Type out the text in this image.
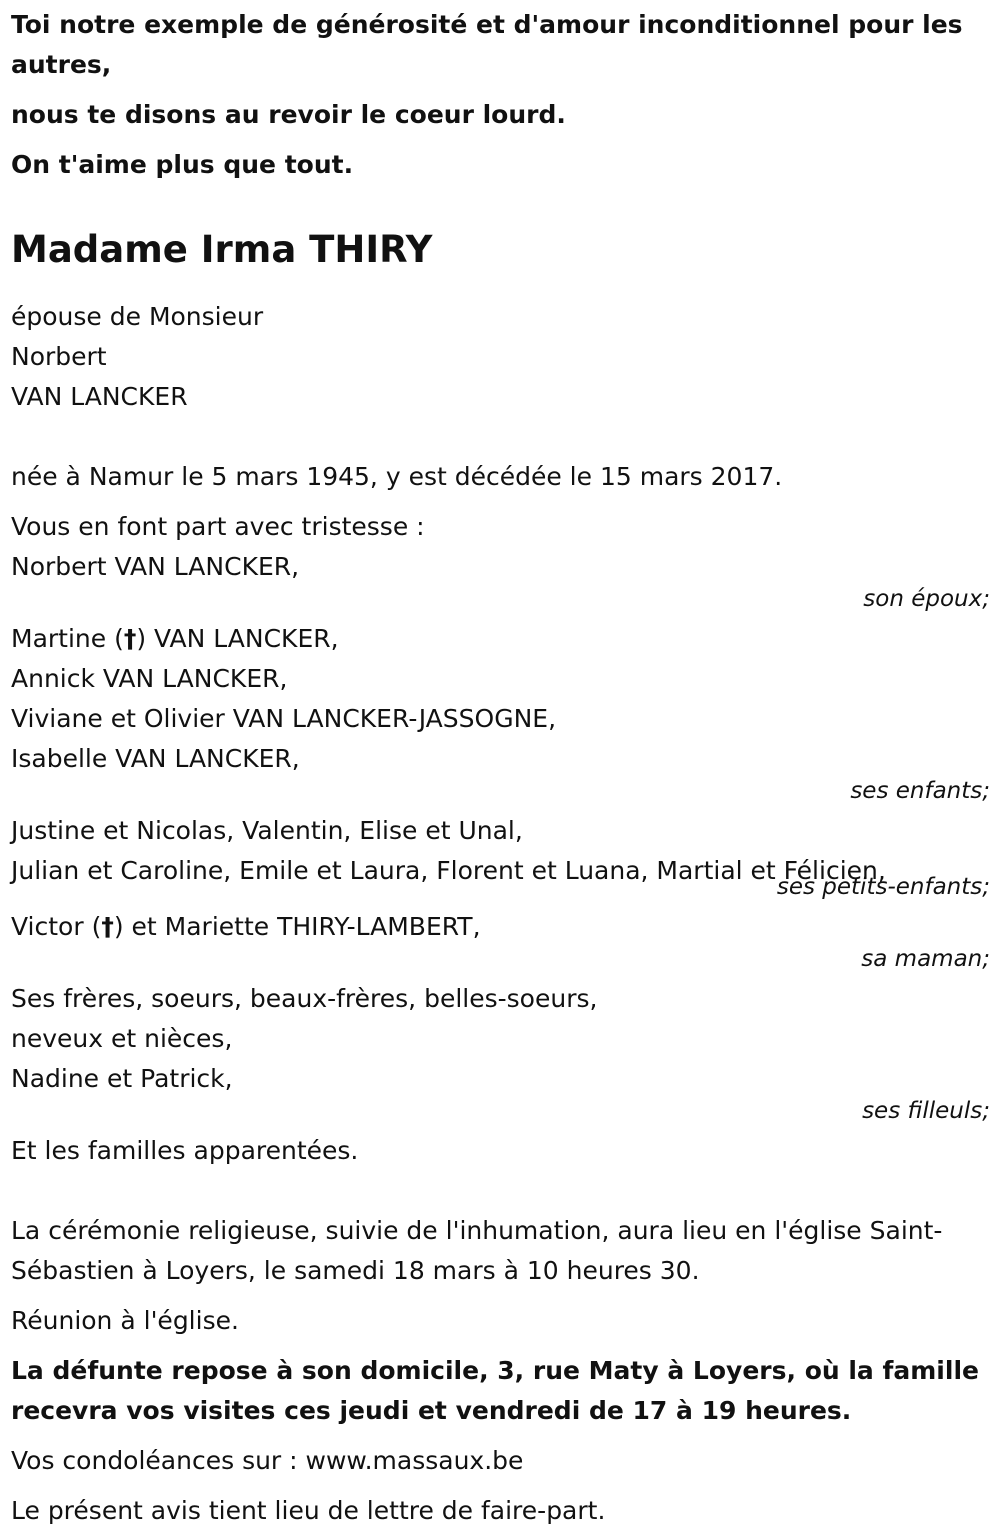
Toi notre exemple de générosité et d'amour inconditionnel pour les autres,

nous te disons au revoir le coeur lourd.

On t'aime plus que tout.

Madame Irma THIRY

épouse de Monsieur

Norbert

VAN LANCKER

née à Namur le 5 mars 1945, y est décédée le 15 mars 2017.

Vous en font part avec tristesse :

Norbert VAN LANCKER,

son époux;

Martine (†) VAN LANCKER,

Annick VAN LANCKER,

Viviane et Olivier VAN LANCKER-JASSOGNE,

Isabelle VAN LANCKER,

ses enfants;

Justine et Nicolas, Valentin, Elise et Unal,

Julian et Caroline, Emile et Laura, Florent et Luana, Martial et Félicien,

ses petits-enfants;

Victor (†) et Mariette THIRY-LAMBERT,

sa maman;

Ses frères, soeurs, beaux-frères, belles-soeurs,

neveux et nièces,

Nadine et Patrick,

ses filleuls;

Et les familles apparentées.

La cérémonie religieuse, suivie de l'inhumation, aura lieu en l'église Saint-

Sébastien à Loyers, le samedi 18 mars à 10 heures 30.

Réunion à l'église.

La défunte repose à son domicile, 3, rue Maty à Loyers, où la famille

recevra vos visites ces jeudi et vendredi de 17 à 19 heures.

Vos condoléances sur : www.massaux.be

Le présent avis tient lieu de lettre de faire-part.
